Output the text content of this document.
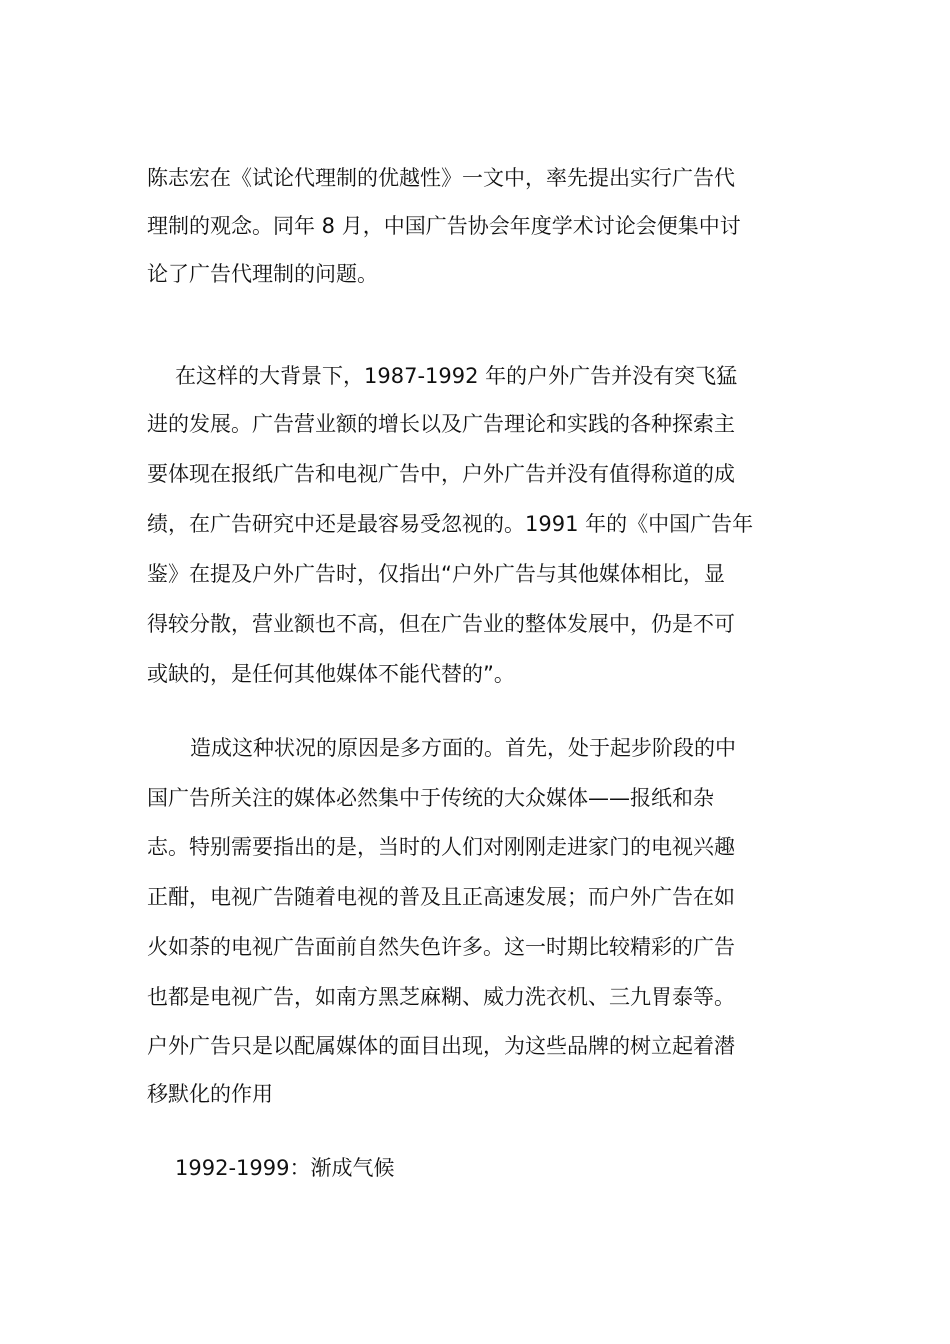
陈志宏在《试论代理制的优越性》一文中，率先提出实行广告代
理制的观念。同年 8 月，中国广告协会年度学术讨论会便集中讨
论了广告代理制的问题。
在这样的大背景下，1987-1992 年的户外广告并没有突飞猛
进的发展。广告营业额的增长以及广告理论和实践的各种探索主
要体现在报纸广告和电视广告中，户外广告并没有值得称道的成
绩，在广告研究中还是最容易受忽视的。1991 年的《中国广告年
鉴》在提及户外广告时，仅指出“户外广告与其他媒体相比，显
得较分散，营业额也不高，但在广告业的整体发展中，仍是不可
或缺的，是任何其他媒体不能代替的”。
造成这种状况的原因是多方面的。首先，处于起步阶段的中
国广告所关注的媒体必然集中于传统的大众媒体——报纸和杂
志。特别需要指出的是，当时的人们对刚刚走进家门的电视兴趣
正酣，电视广告随着电视的普及且正高速发展；而户外广告在如
火如荼的电视广告面前自然失色许多。这一时期比较精彩的广告
也都是电视广告，如南方黑芝麻糊、威力洗衣机、三九胃泰等。
户外广告只是以配属媒体的面目出现，为这些品牌的树立起着潜
移默化的作用
1992-1999：渐成气候
